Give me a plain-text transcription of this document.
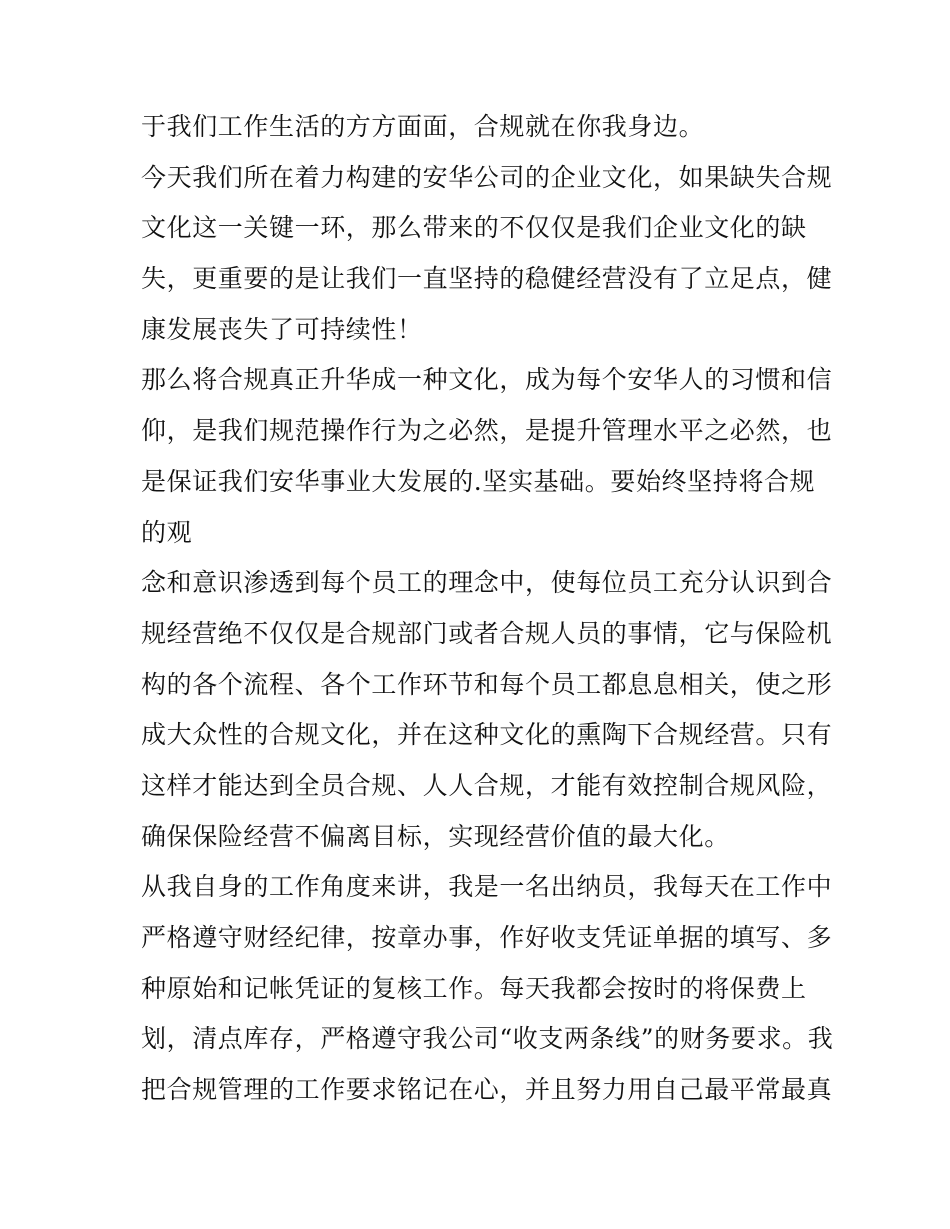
于我们工作生活的方方面面，合规就在你我身边。
今天我们所在着力构建的安华公司的企业文化，如果缺失合规
文化这一关键一环，那么带来的不仅仅是我们企业文化的缺
失，更重要的是让我们一直坚持的稳健经营没有了立足点，健
康发展丧失了可持续性！
那么将合规真正升华成一种文化，成为每个安华人的习惯和信
仰，是我们规范操作行为之必然，是提升管理水平之必然，也
是保证我们安华事业大发展的.坚实基础。要始终坚持将合规
的观
念和意识渗透到每个员工的理念中，使每位员工充分认识到合
规经营绝不仅仅是合规部门或者合规人员的事情，它与保险机
构的各个流程、各个工作环节和每个员工都息息相关，使之形
成大众性的合规文化，并在这种文化的熏陶下合规经营。只有
这样才能达到全员合规、人人合规，才能有效控制合规风险，
确保保险经营不偏离目标，实现经营价值的最大化。
从我自身的工作角度来讲，我是一名出纳员，我每天在工作中
严格遵守财经纪律，按章办事，作好收支凭证单据的填写、多
种原始和记帐凭证的复核工作。每天我都会按时的将保费上
划，清点库存，严格遵守我公司“收支两条线”的财务要求。我
把合规管理的工作要求铭记在心，并且努力用自己最平常最真
